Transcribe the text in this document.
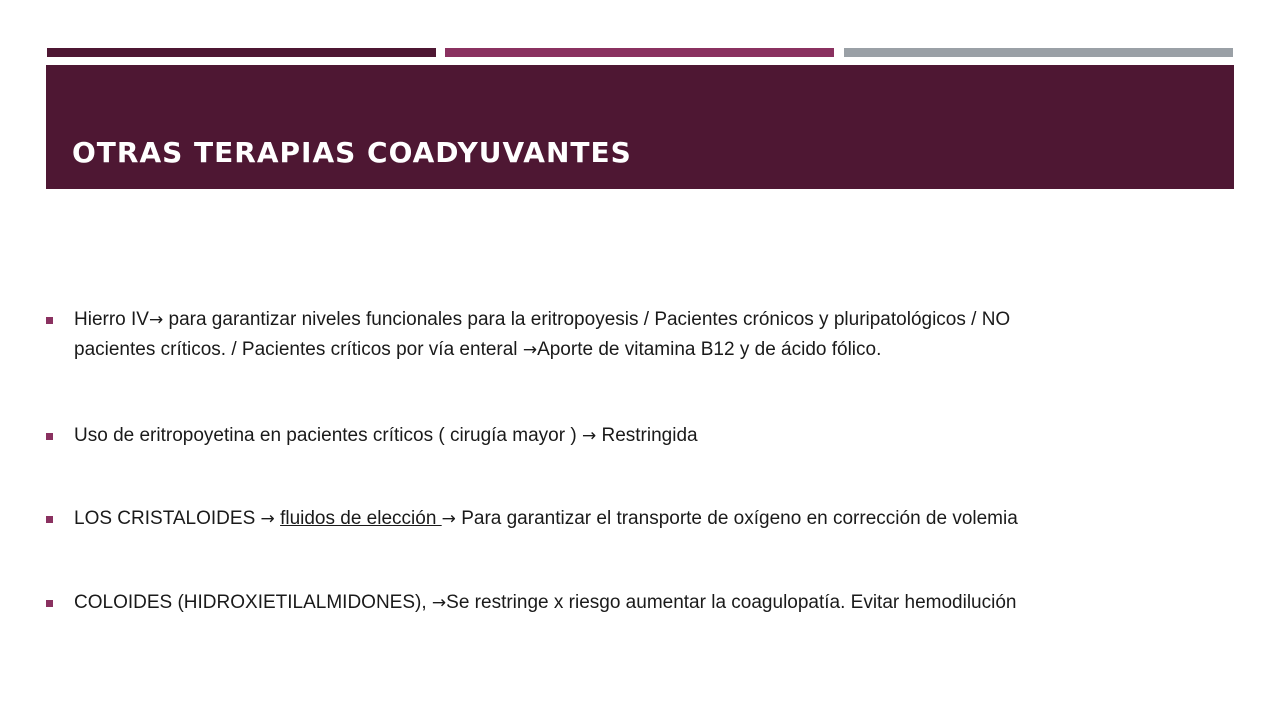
OTRAS TERAPIAS COADYUVANTES
Hierro IV→ para garantizar niveles funcionales para la eritropoyesis / Pacientes crónicos y pluripatológicos / NO
pacientes críticos. / Pacientes críticos por vía enteral →Aporte de vitamina B12 y de ácido fólico.
Uso de eritropoyetina en pacientes críticos ( cirugía mayor ) → Restringida
LOS CRISTALOIDES → fluidos de elección → Para garantizar el transporte de oxígeno en corrección de volemia
COLOIDES (HIDROXIETILALMIDONES), →Se restringe x riesgo aumentar la coagulopatía. Evitar hemodilución
